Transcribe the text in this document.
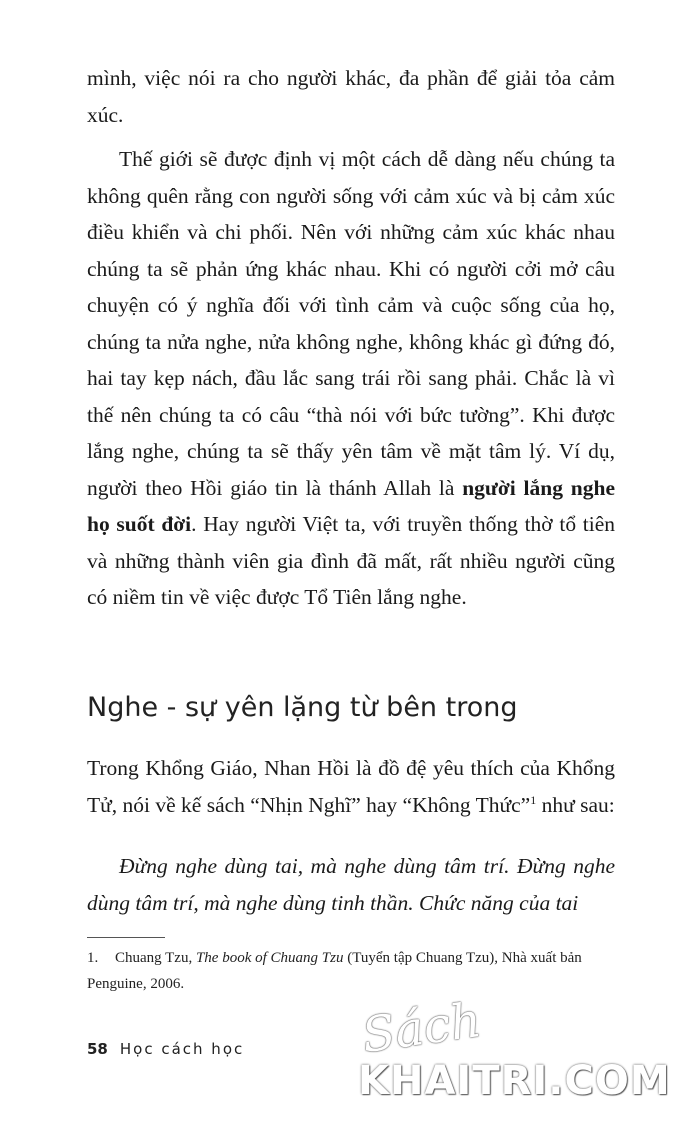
mình, việc nói ra cho người khác, đa phần để giải tỏa cảm xúc.

Thế giới sẽ được định vị một cách dễ dàng nếu chúng ta không quên rằng con người sống với cảm xúc và bị cảm xúc điều khiển và chi phối. Nên với những cảm xúc khác nhau chúng ta sẽ phản ứng khác nhau. Khi có người cởi mở câu chuyện có ý nghĩa đối với tình cảm và cuộc sống của họ, chúng ta nửa nghe, nửa không nghe, không khác gì đứng đó, hai tay kẹp nách, đầu lắc sang trái rồi sang phải. Chắc là vì thế nên chúng ta có câu “thà nói với bức tường”. Khi được lắng nghe, chúng ta sẽ thấy yên tâm về mặt tâm lý. Ví dụ, người theo Hồi giáo tin là thánh Allah là người lắng nghe họ suốt đời. Hay người Việt ta, với truyền thống thờ tổ tiên và những thành viên gia đình đã mất, rất nhiều người cũng có niềm tin về việc được Tổ Tiên lắng nghe.

Nghe - sự yên lặng từ bên trong

Trong Khổng Giáo, Nhan Hồi là đồ đệ yêu thích của Khổng Tử, nói về kế sách “Nhịn Nghĩ” hay “Không Thức”$^1$ như sau:

Đừng nghe dùng tai, mà nghe dùng tâm trí. Đừng nghe dùng tâm trí, mà nghe dùng tinh thần. Chức năng của tai

1. Chuang Tzu, The book of Chuang Tzu (Tuyển tập Chuang Tzu), Nhà xuất bản Penguine, 2006.
58 Học cách học Sách
KHAITRI.COM
